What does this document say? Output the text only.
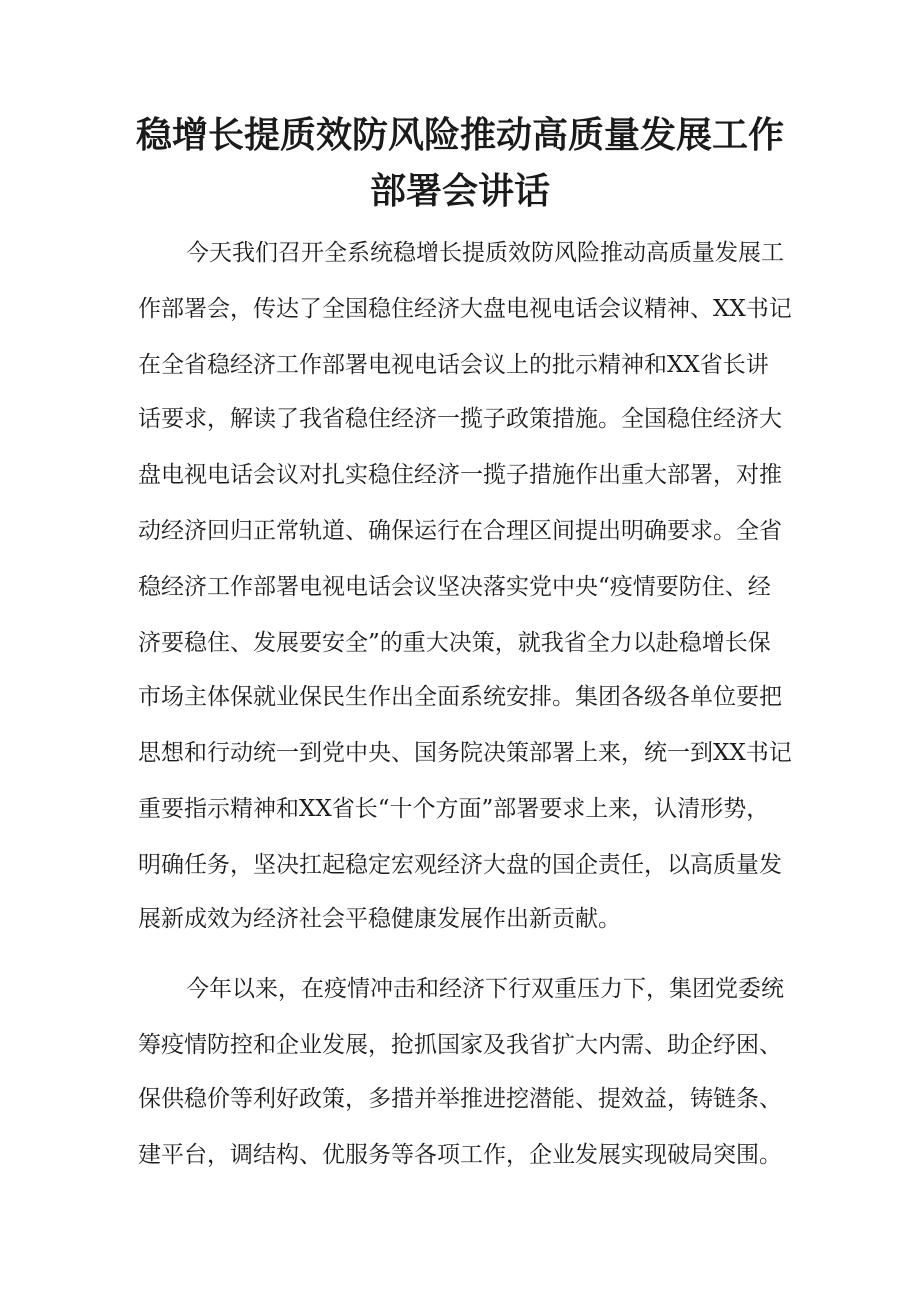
稳增长提质效防风险推动高质量发展工作
部署会讲话

今天我们召开全系统稳增长提质效防风险推动高质量发展工

作部署会，传达了全国稳住经济大盘电视电话会议精神、XX书记

在全省稳经济工作部署电视电话会议上的批示精神和XX省长讲

话要求，解读了我省稳住经济一揽子政策措施。全国稳住经济大

盘电视电话会议对扎实稳住经济一揽子措施作出重大部署，对推

动经济回归正常轨道、确保运行在合理区间提出明确要求。全省

稳经济工作部署电视电话会议坚决落实党中央“疫情要防住、经

济要稳住、发展要安全”的重大决策，就我省全力以赴稳增长保

市场主体保就业保民生作出全面系统安排。集团各级各单位要把

思想和行动统一到党中央、国务院决策部署上来，统一到XX书记

重要指示精神和XX省长“十个方面”部署要求上来，认清形势，

明确任务，坚决扛起稳定宏观经济大盘的国企责任，以高质量发

展新成效为经济社会平稳健康发展作出新贡献。

今年以来，在疫情冲击和经济下行双重压力下，集团党委统

筹疫情防控和企业发展，抢抓国家及我省扩大内需、助企纾困、

保供稳价等利好政策，多措并举推进挖潜能、提效益，铸链条、

建平台，调结构、优服务等各项工作，企业发展实现破局突围。
